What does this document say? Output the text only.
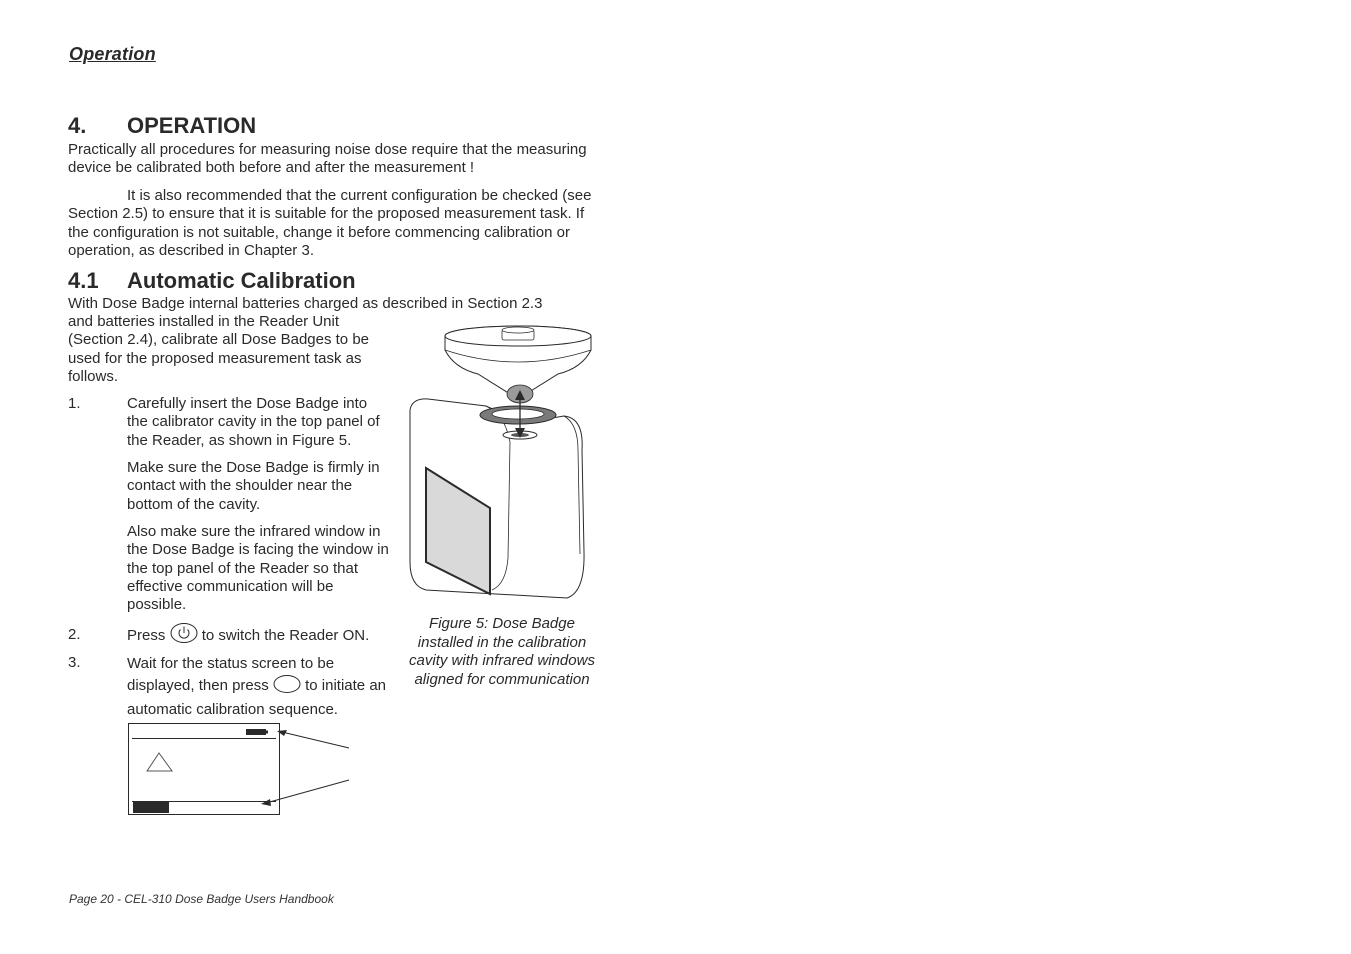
Operation
4. OPERATION
Practically all procedures for measuring noise dose require that the measuring device be calibrated both before and after the measurement !
It is also recommended that the current configuration be checked (see Section 2.5) to ensure that it is suitable for the proposed measurement task. If the configuration is not suitable, change it before commencing calibration or operation, as described in Chapter 3.
4.1 Automatic Calibration
With Dose Badge internal batteries charged as described in Section 2.3
and batteries installed in the Reader Unit (Section 2.4), calibrate all Dose Badges to be used for the proposed measurement task as follows.
1.	Carefully insert the Dose Badge into the calibrator cavity in the top panel of the Reader, as shown in Figure 5.
Make sure the Dose Badge is firmly in contact with the shoulder near the bottom of the cavity.
Also make sure the infrared window in the Dose Badge is facing the window in the top panel of the Reader so that effective communication will be possible.
2.	Press to switch the Reader ON.
3.	Wait for the status screen to be displayed, then press to initiate an automatic calibration sequence.
Figure 5: Dose Badge installed in the calibration cavity with infrared windows aligned for communication
Page 20 - CEL-310 Dose Badge Users Handbook
